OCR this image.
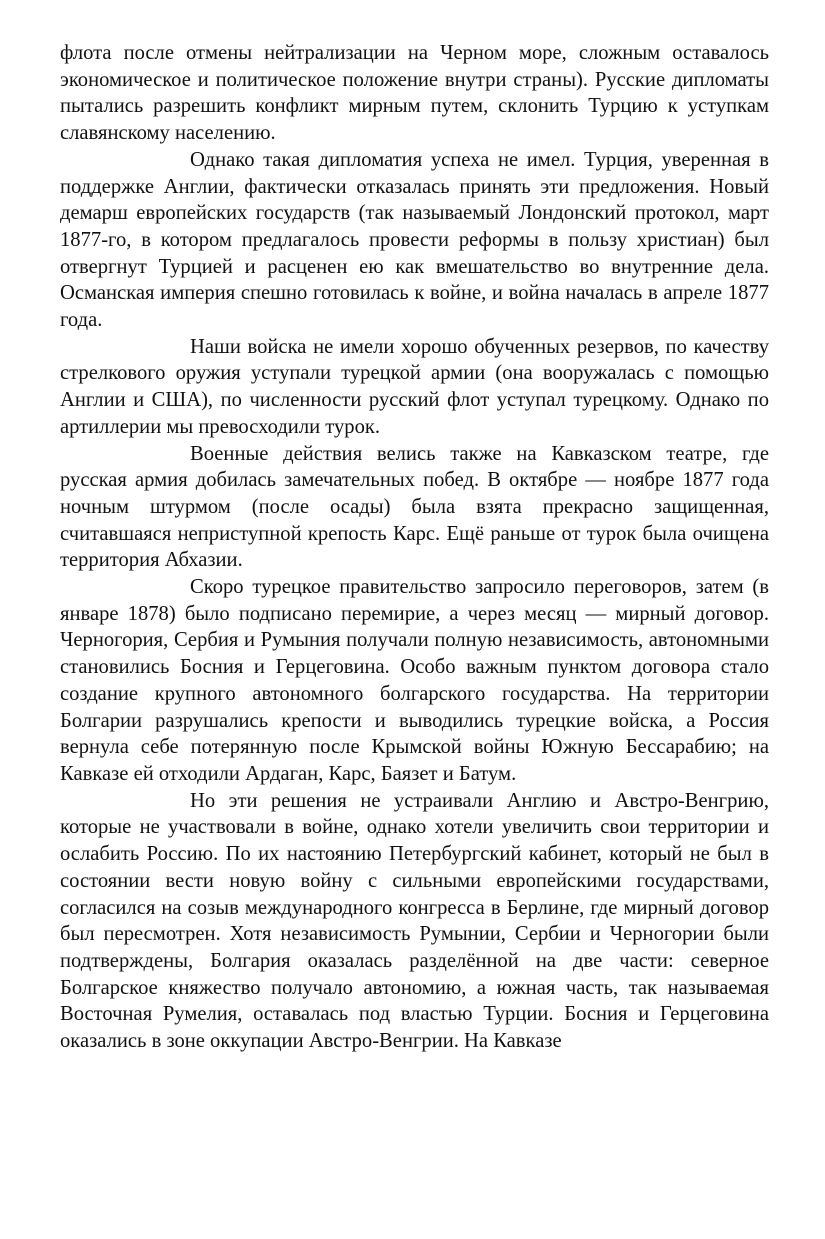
флота после отмены нейтрализации на Черном море, сложным оставалось экономическое и политическое положение внутри страны). Русские дипломаты пытались разрешить конфликт мирным путем, склонить Турцию к уступкам славянскому населению.

Однако такая дипломатия успеха не имел. Турция, уверенная в поддержке Англии, фактически отказалась принять эти предложения. Новый демарш европейских государств (так называемый Лондонский протокол, март 1877-го, в котором предлагалось провести реформы в пользу христиан) был отвергнут Турцией и расценен ею как вмешательство во внутренние дела. Османская империя спешно готовилась к войне, и война началась в апреле 1877 года.

Наши войска не имели хорошо обученных резервов, по качеству стрелкового оружия уступали турецкой армии (она вооружалась с помощью Англии и США), по численности русский флот уступал турецкому. Однако по артиллерии мы превосходили турок.

Военные действия велись также на Кавказском театре, где русская армия добилась замечательных побед. В октябре — ноябре 1877 года ночным штурмом (после осады) была взята прекрасно защищенная, считавшаяся неприступной крепость Карс. Ещё раньше от турок была очищена территория Абхазии.

Скоро турецкое правительство запросило переговоров, затем (в январе 1878) было подписано перемирие, а через месяц — мирный договор. Черногория, Сербия и Румыния получали полную независимость, автономными становились Босния и Герцеговина. Особо важным пунктом договора стало создание крупного автономного болгарского государства. На территории Болгарии разрушались крепости и выводились турецкие войска, а Россия вернула себе потерянную после Крымской войны Южную Бессарабию; на Кавказе ей отходили Ардаган, Карс, Баязет и Батум.

Но эти решения не устраивали Англию и Австро-Венгрию, которые не участвовали в войне, однако хотели увеличить свои территории и ослабить Россию. По их настоянию Петербургский кабинет, который не был в состоянии вести новую войну с сильными европейскими государствами, согласился на созыв международного конгресса в Берлине, где мирный договор был пересмотрен. Хотя независимость Румынии, Сербии и Черногории были подтверждены, Болгария оказалась разделённой на две части: северное Болгарское княжество получало автономию, а южная часть, так называемая Восточная Румелия, оставалась под властью Турции. Босния и Герцеговина оказались в зоне оккупации Австро-Венгрии. На Кавказе
